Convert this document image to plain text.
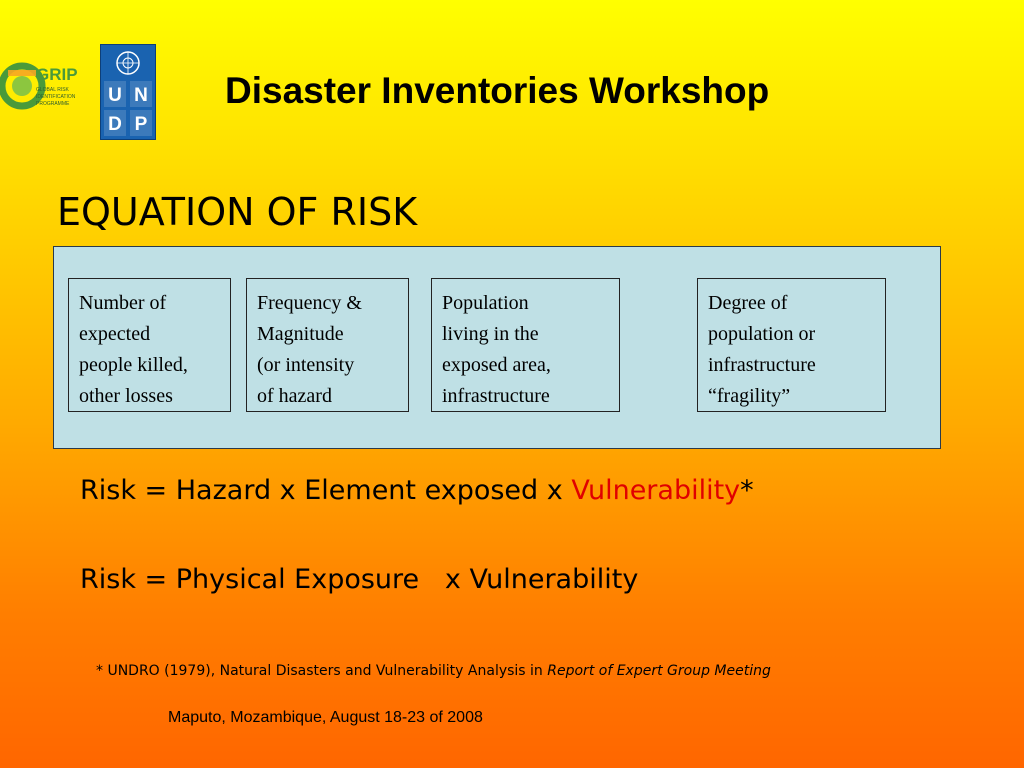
GRIP
GLOBAL RISK
IDENTIFICATION
PROGRAMME U N
D P
Disaster Inventories Workshop
EQUATION OF RISK
Number of
expected
people killed,
other losses
Frequency &
Magnitude
(or intensity
of hazard
Population
living in the
exposed area,
infrastructure
Degree of
population or
infrastructure
“fragility”
Risk = Hazard x Element exposed x Vulnerability*
Risk = Physical Exposure   x Vulnerability
* UNDRO (1979), Natural Disasters and Vulnerability Analysis in Report of Expert Group Meeting
Maputo, Mozambique, August 18-23 of 2008
